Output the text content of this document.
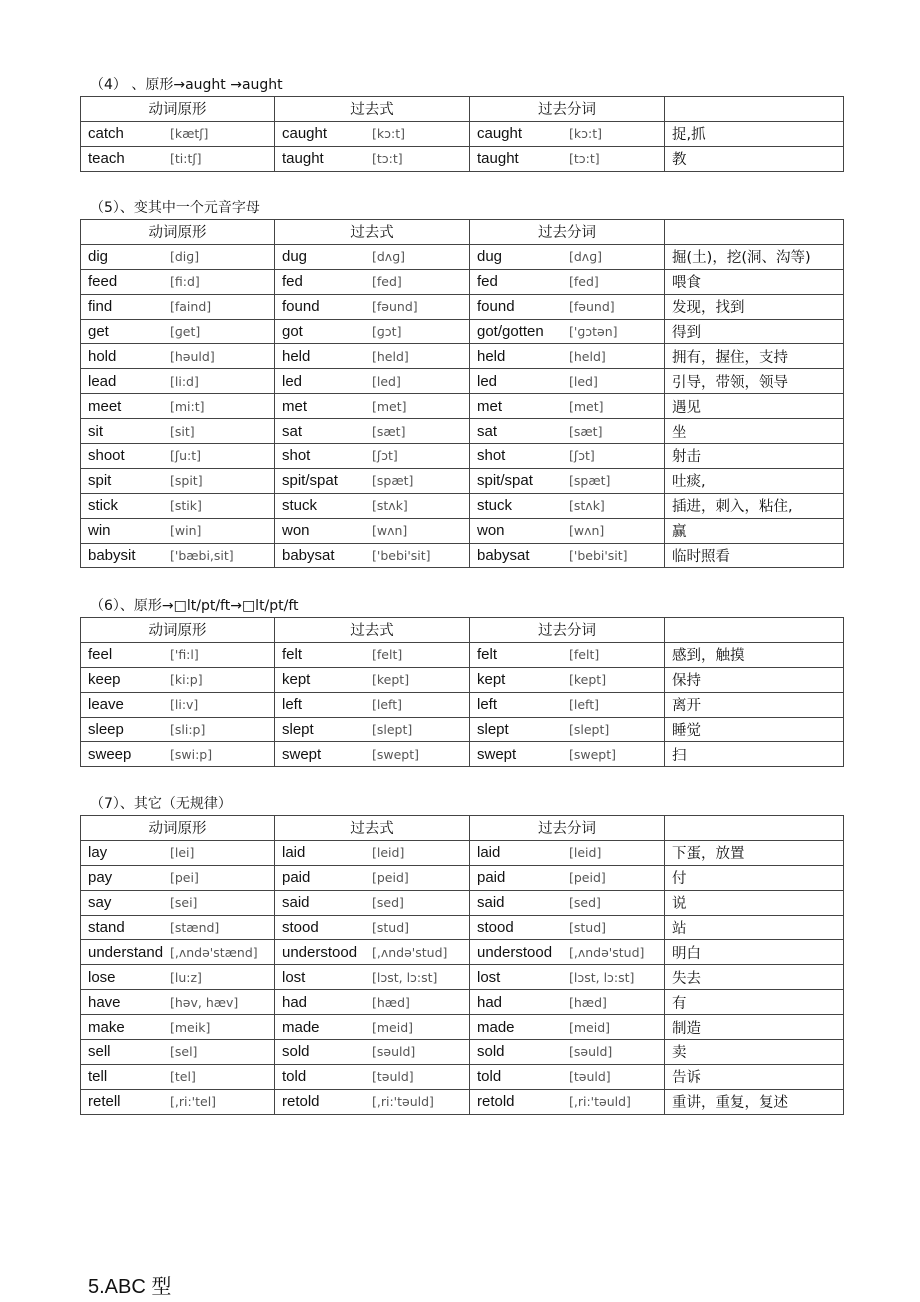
（4） 、原形→aught →aught
动词原形	过去式	过去分词	
catch [kætʃ]	caught [kɔ:t]	caught [kɔ:t]	捉,抓
teach [ti:tʃ]	taught [tɔ:t]	taught [tɔ:t]	教
（5）、变其中一个元音字母
动词原形	过去式	过去分词	
dig [diɡ]	dug [dʌɡ]	dug [dʌɡ]	掘(土)，挖(洞、沟等)
feed [fi:d]	fed [fed]	fed [fed]	喂食
find [faind]	found [fəund]	found [fəund]	发现，找到
get [ɡet]	got [ɡɔt]	got/gotten ['ɡɔtən]	得到
hold [həuld]	held [held]	held [held]	拥有，握住，支持
lead [li:d]	led [led]	led [led]	引导，带领，领导
meet [mi:t]	met [met]	met [met]	遇见
sit [sit]	sat [sæt]	sat [sæt]	坐
shoot [ʃu:t]	shot [ʃɔt]	shot [ʃɔt]	射击
spit [spit]	spit/spat [spæt]	spit/spat [spæt]	吐痰,
stick [stik]	stuck [stʌk]	stuck [stʌk]	插进，刺入，粘住,
win [win]	won [wʌn]	won [wʌn]	赢
babysit ['bæbi,sit]	babysat ['bebi'sit]	babysat ['bebi'sit]	临时照看
（6）、原形→□lt/pt/ft→□lt/pt/ft
动词原形	过去式	过去分词	
feel ['fi:l]	felt [felt]	felt [felt]	感到，触摸
keep [ki:p]	kept [kept]	kept [kept]	保持
leave [li:v]	left [left]	left [left]	离开
sleep [sli:p]	slept [slept]	slept [slept]	睡觉
sweep [swi:p]	swept [swept]	swept [swept]	扫
（7）、其它（无规律）
动词原形	过去式	过去分词	
lay [lei]	laid [leid]	laid [leid]	下蛋，放置
pay [pei]	paid [peid]	paid [peid]	付
say [sei]	said [sed]	said [sed]	说
stand [stænd]	stood [stud]	stood [stud]	站
understand [,ʌndə'stænd]	understood [,ʌndə'stud]	understood [,ʌndə'stud]	明白
lose [lu:z]	lost [lɔst, lɔ:st]	lost [lɔst, lɔ:st]	失去
have [həv, hæv]	had [hæd]	had [hæd]	有
make [meik]	made [meid]	made [meid]	制造
sell [sel]	sold [səuld]	sold [səuld]	卖
tell [tel]	told [təuld]	told [təuld]	告诉
retell [,ri:'tel]	retold [,ri:'təuld]	retold [,ri:'təuld]	重讲，重复，复述
5.ABC 型
